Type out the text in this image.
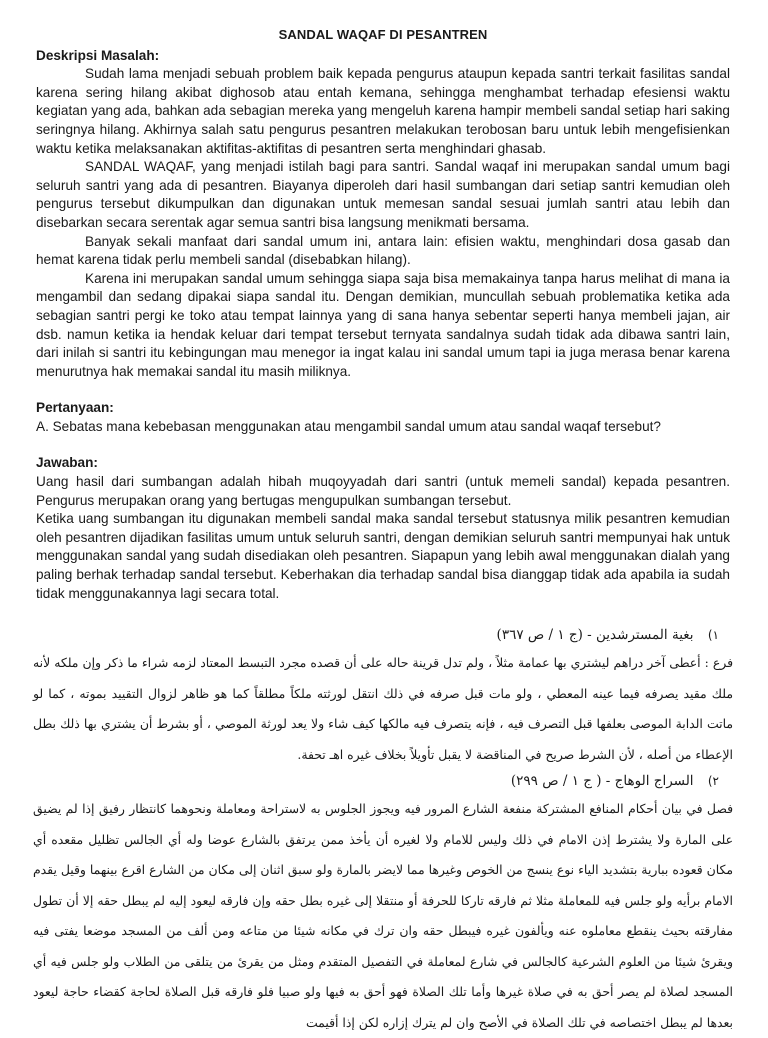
SANDAL WAQAF DI PESANTREN

Deskripsi Masalah:

Sudah lama menjadi sebuah problem baik kepada pengurus ataupun kepada santri terkait fasilitas sandal karena sering hilang akibat dighosob atau entah kemana, sehingga menghambat terhadap efesiensi waktu kegiatan yang ada, bahkan ada sebagian mereka yang mengeluh karena hampir membeli sandal setiap hari saking seringnya hilang. Akhirnya salah satu pengurus pesantren melakukan terobosan baru untuk lebih mengefisienkan waktu ketika melaksanakan aktifitas-aktifitas di pesantren serta menghindari ghasab.

SANDAL WAQAF, yang menjadi istilah bagi para santri. Sandal waqaf ini merupakan sandal umum bagi seluruh santri yang ada di pesantren. Biayanya diperoleh dari hasil sumbangan dari setiap santri kemudian oleh pengurus tersebut dikumpulkan dan digunakan untuk memesan sandal sesuai jumlah santri atau lebih dan disebarkan secara serentak agar semua santri bisa langsung menikmati bersama.

Banyak sekali manfaat dari sandal umum ini, antara lain: efisien waktu, menghindari dosa gasab dan hemat karena tidak perlu membeli sandal (disebabkan hilang).

Karena ini merupakan sandal umum sehingga siapa saja bisa memakainya tanpa harus melihat di mana ia mengambil dan sedang dipakai siapa sandal itu. Dengan demikian, muncullah sebuah problematika ketika ada sebagian santri pergi ke toko atau tempat lainnya yang di sana hanya sebentar seperti hanya membeli jajan, air dsb. namun ketika ia hendak keluar dari tempat tersebut ternyata sandalnya sudah tidak ada dibawa santri lain, dari inilah si santri itu kebingungan mau menegor ia ingat kalau ini sandal umum tapi ia juga merasa benar karena menurutnya hak memakai sandal itu masih miliknya.

Pertanyaan:

A. Sebatas mana kebebasan menggunakan atau mengambil sandal umum atau sandal waqaf tersebut?

Jawaban:

Uang hasil dari sumbangan adalah hibah muqoyyadah dari santri (untuk memeli sandal) kepada pesantren. Pengurus merupakan orang yang bertugas mengupulkan sumbangan tersebut.

Ketika uang sumbangan itu digunakan membeli sandal maka sandal tersebut statusnya milik pesantren kemudian oleh pesantren dijadikan fasilitas umum untuk seluruh santri, dengan demikian seluruh santri mempunyai hak untuk menggunakan sandal yang sudah disediakan oleh pesantren. Siapapun yang lebih awal menggunakan dialah yang paling berhak terhadap sandal tersebut. Keberhakan dia terhadap sandal bisa dianggap tidak ada apabila ia sudah tidak menggunakannya lagi secara total.

١) بغية المسترشدين - (ج ١ / ص ٣٦٧)

فرع : أعطى آخر دراهم ليشتري بها عمامة مثلاً ، ولم تدل قرينة حاله على أن قصده مجرد التبسط المعتاد لزمه شراء ما ذكر وإن ملكه لأنه ملك مقيد يصرفه فيما عينه المعطي ، ولو مات قبل صرفه في ذلك انتقل لورثته ملكاً مطلقاً كما هو ظاهر لزوال التقييد بموته ، كما لو ماتت الدابة الموصى بعلفها قبل التصرف فيه ، فإنه يتصرف فيه مالكها كيف شاء ولا يعد لورثة الموصي ، أو بشرط أن يشتري بها ذلك بطل الإعطاء من أصله ، لأن الشرط صريح في المناقضة لا يقبل تأويلاً بخلاف غيره اهـ تحفة.

٢) السراج الوهاج - ( ج ١ / ص ٢٩٩)

فصل في بيان أحكام المنافع المشتركة منفعة الشارع المرور فيه ويجوز الجلوس به لاستراحة ومعاملة ونحوهما كانتظار رفيق إذا لم يضيق على المارة ولا يشترط إذن الامام في ذلك وليس للامام ولا لغيره أن يأخذ ممن يرتفق بالشارع عوضا وله أي الجالس تظليل مقعده أي مكان قعوده ببارية بتشديد الياء نوع ينسج من الخوص وغيرها مما لايضر بالمارة ولو سبق اثنان إلى مكان من الشارع اقرع بينهما وقيل يقدم الامام برأيه ولو جلس فيه للمعاملة مثلا ثم فارقه تاركا للحرفة أو منتقلا إلى غيره بطل حقه وإن فارقه ليعود إليه لم يبطل حقه إلا أن تطول مفارقته بحيث ينقطع معاملوه عنه ويألفون غيره فيبطل حقه وان ترك في مكانه شيئا من متاعه ومن ألف من المسجد موضعا يفتى فيه ويقرئ شيئا من العلوم الشرعية كالجالس في شارع لمعاملة في التفصيل المتقدم ومثل من يقرئ من يتلقى من الطلاب ولو جلس فيه أي المسجد لصلاة لم يصر أحق به في صلاة غيرها وأما تلك الصلاة فهو أحق به فيها ولو صبيا فلو فارقه قبل الصلاة لحاجة كقضاء حاجة ليعود بعدها لم يبطل اختصاصه في تلك الصلاة في الأصح وان لم يترك إزاره لكن إذا أقيمت
